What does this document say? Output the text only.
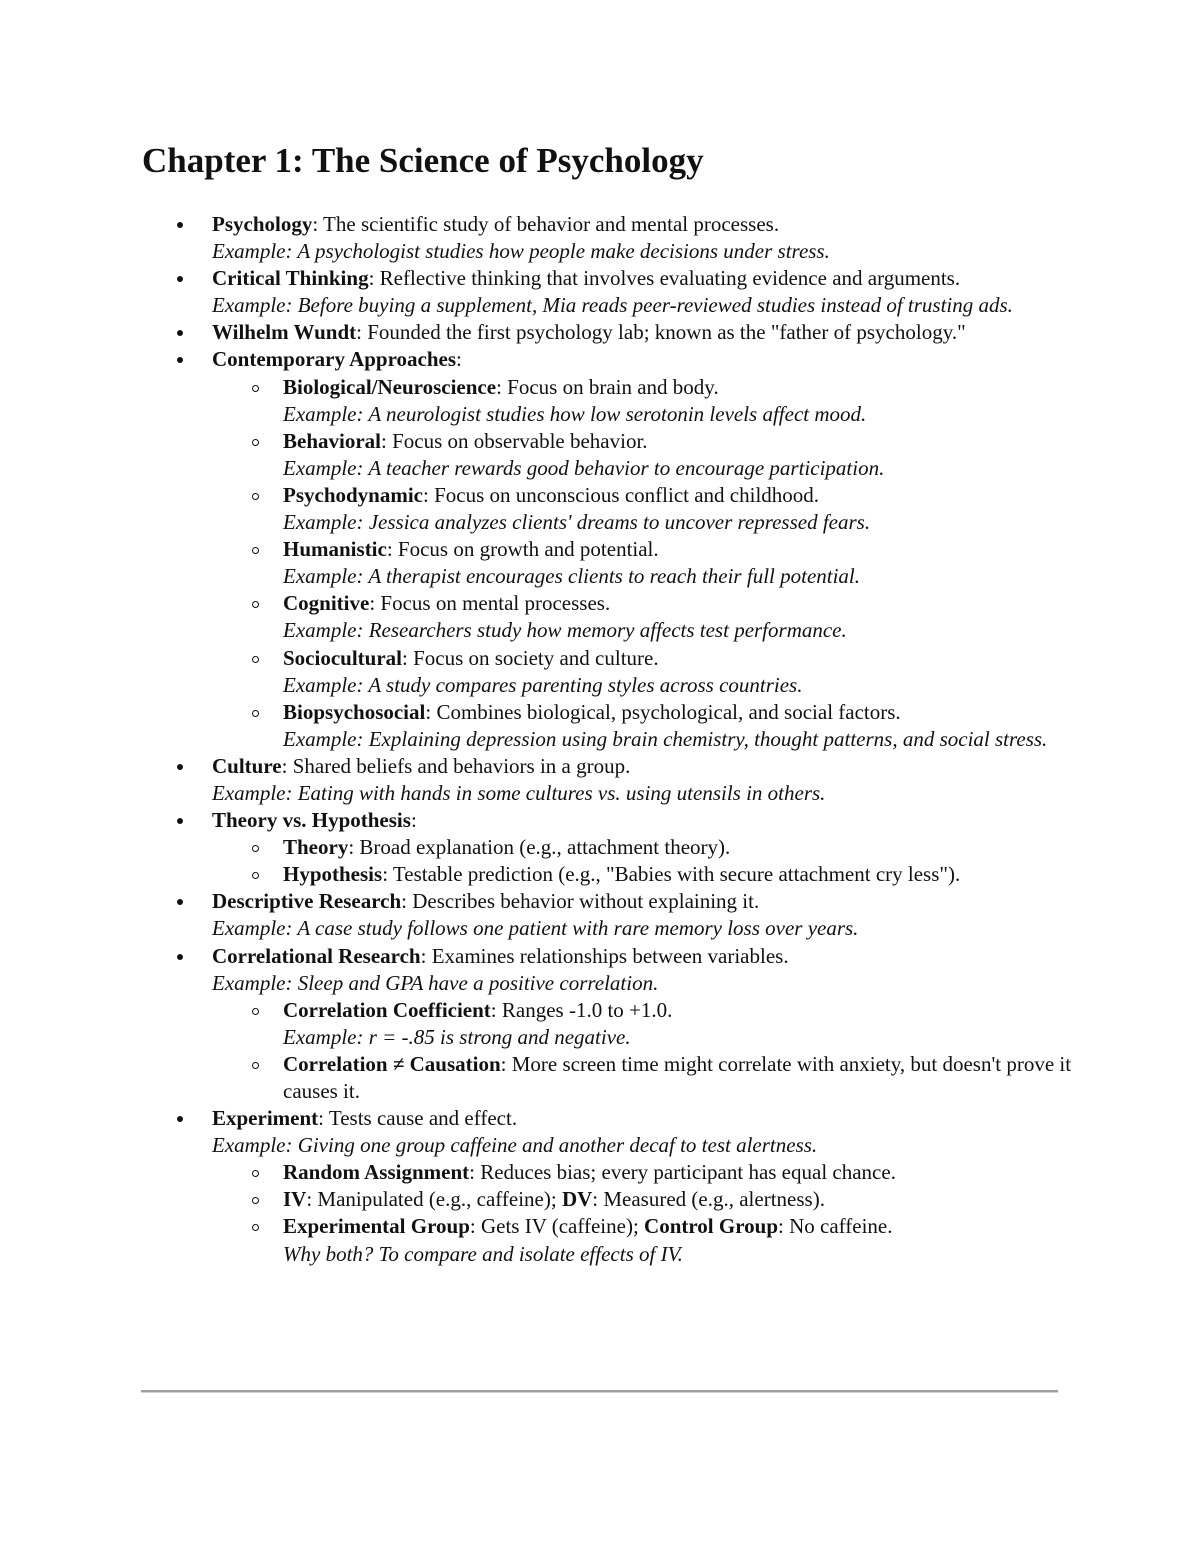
Chapter 1: The Science of Psychology
Psychology: The scientific study of behavior and mental processes.
Example: A psychologist studies how people make decisions under stress.
Critical Thinking: Reflective thinking that involves evaluating evidence and arguments.
Example: Before buying a supplement, Mia reads peer-reviewed studies instead of trusting ads.
Wilhelm Wundt: Founded the first psychology lab; known as the "father of psychology."
Contemporary Approaches:
Biological/Neuroscience: Focus on brain and body.
Example: A neurologist studies how low serotonin levels affect mood.
Behavioral: Focus on observable behavior.
Example: A teacher rewards good behavior to encourage participation.
Psychodynamic: Focus on unconscious conflict and childhood.
Example: Jessica analyzes clients' dreams to uncover repressed fears.
Humanistic: Focus on growth and potential.
Example: A therapist encourages clients to reach their full potential.
Cognitive: Focus on mental processes.
Example: Researchers study how memory affects test performance.
Sociocultural: Focus on society and culture.
Example: A study compares parenting styles across countries.
Biopsychosocial: Combines biological, psychological, and social factors.
Example: Explaining depression using brain chemistry, thought patterns, and social stress.
Culture: Shared beliefs and behaviors in a group.
Example: Eating with hands in some cultures vs. using utensils in others.
Theory vs. Hypothesis:
Theory: Broad explanation (e.g., attachment theory).
Hypothesis: Testable prediction (e.g., "Babies with secure attachment cry less").
Descriptive Research: Describes behavior without explaining it.
Example: A case study follows one patient with rare memory loss over years.
Correlational Research: Examines relationships between variables.
Example: Sleep and GPA have a positive correlation.
Correlation Coefficient: Ranges -1.0 to +1.0.
Example: r = -.85 is strong and negative.
Correlation ≠ Causation: More screen time might correlate with anxiety, but doesn't prove it causes it.
Experiment: Tests cause and effect.
Example: Giving one group caffeine and another decaf to test alertness.
Random Assignment: Reduces bias; every participant has equal chance.
IV: Manipulated (e.g., caffeine); DV: Measured (e.g., alertness).
Experimental Group: Gets IV (caffeine); Control Group: No caffeine.
Why both? To compare and isolate effects of IV.
